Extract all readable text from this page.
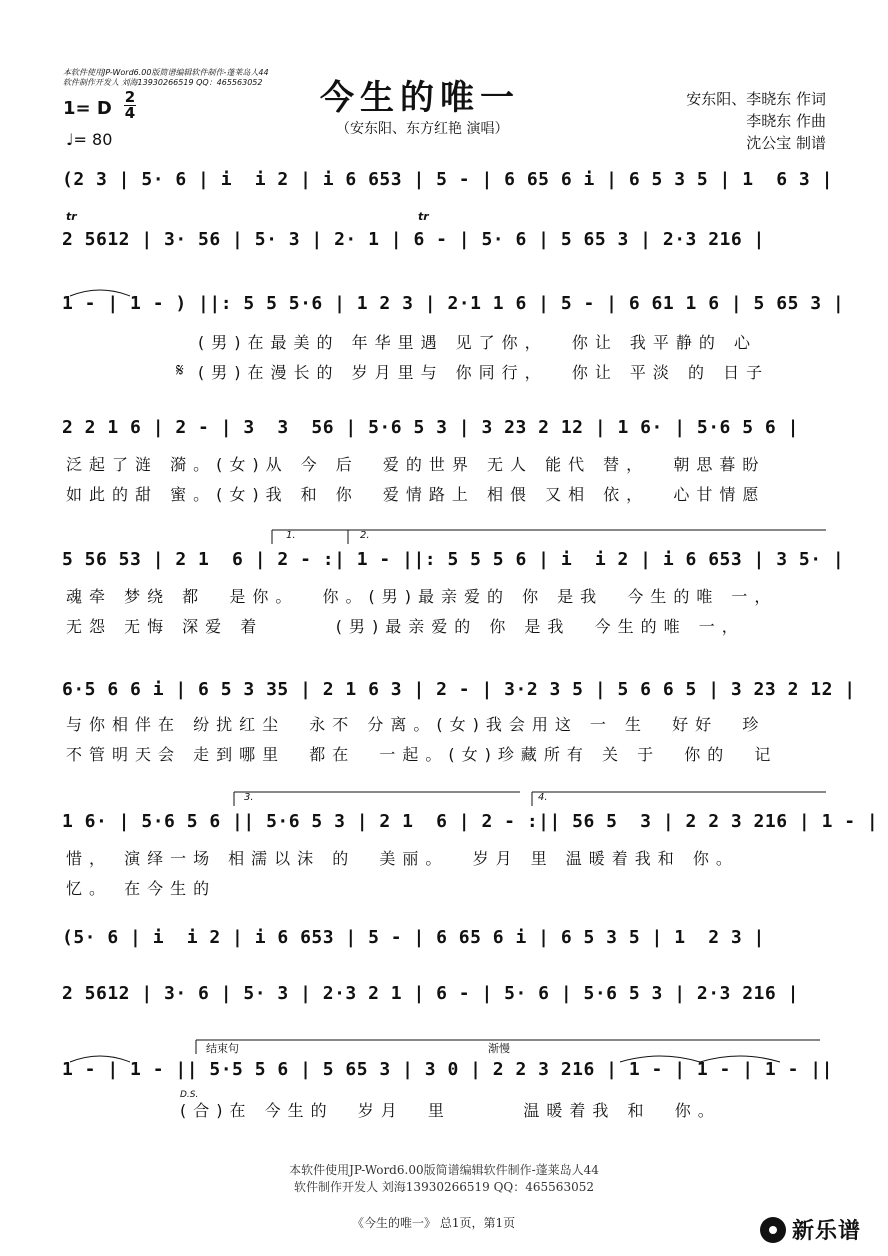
本软件使用JP-Word6.00版简谱编辑软件制作-蓬莱岛人44
软件制作开发人 刘海13930266519 QQ：465563052 今生的唯一
（安东阳、东方红艳 演唱）
安东阳、李晓东 作词
李晓东 作曲
沈公宝 制谱
1= D
2
4
♩= 80
(2 3 | 5· 6 | i  i 2 | i 6 653 | 5 - | 6 65 6 i | 6 5 3 5 | 1  6 3 |
tr	tr
2 5612 | 3· 56 | 5· 3 | 2· 1 | 6 - | 5· 6 | 5 65 3 | 2·3 216 |
1 - | 1 - ) ||: 5 5 5·6 | 1 2 3 | 2·1 1 6 | 5 - | 6 61 1 6 | 5 65 3 |
(男)在最美的 年华里遇 见了你，  你让 我平静的 心
𝄋 (男)在漫长的 岁月里与 你同行，  你让 平淡 的 日子
2 2 1 6 | 2 - | 3  3  56 | 5·6 5 3 | 3 23 2 12 | 1 6· | 5·6 5 6 |
泛起了涟 漪。(女)从 今 后  爱的世界 无人 能代 替，  朝思暮盼
如此的甜 蜜。(女)我 和 你  爱情路上 相偎 又相 依，  心甘情愿
1.	2.
5 56 53 | 2 1  6 | 2 - :| 1 - ||: 5 5 5 6 | i  i 2 | i 6 653 | 3 5· |
魂牵 梦绕 都  是你。  你。(男)最亲爱的 你 是我  今生的唯 一，
无怨 无悔 深爱 着      (男)最亲爱的 你 是我  今生的唯 一，
6·5 6 6 i | 6 5 3 35 | 2 1 6 3 | 2 - | 3·2 3 5 | 5 6 6 5 | 3 23 2 12 |
与你相伴在 纷扰红尘  永不 分离。(女)我会用这 一 生  好好  珍
不管明天会 走到哪里  都在  一起。(女)珍藏所有 关 于  你的  记
3.	4.
1 6· | 5·6 5 6 || 5·6 5 3 | 2 1  6 | 2 - :|| 56 5  3 | 2 2 3 216 | 1 - |
惜， 演绎一场 相濡以沫 的  美丽。  岁月 里 温暖着我和 你。
忆。 在今生的
(5· 6 | i  i 2 | i 6 653 | 5 - | 6 65 6 i | 6 5 3 5 | 1  2 3 |
2 5612 | 3· 6 | 5· 3 | 2·3 2 1 | 6 - | 5· 6 | 5·6 5 3 | 2·3 216 |
结束句	渐慢
1 - | 1 - || 5·5 5 6 | 5 65 3 | 3 0 | 2 2 3 216 | 1 - | 1 - | 1 - ||
D.S.
(合)在 今生的  岁月  里      温暖着我 和  你。
本软件使用JP-Word6.00版简谱编辑软件制作-蓬莱岛人44
软件制作开发人 刘海13930266519 QQ：465563052
《今生的唯一》 总1页，第1页	新乐谱
